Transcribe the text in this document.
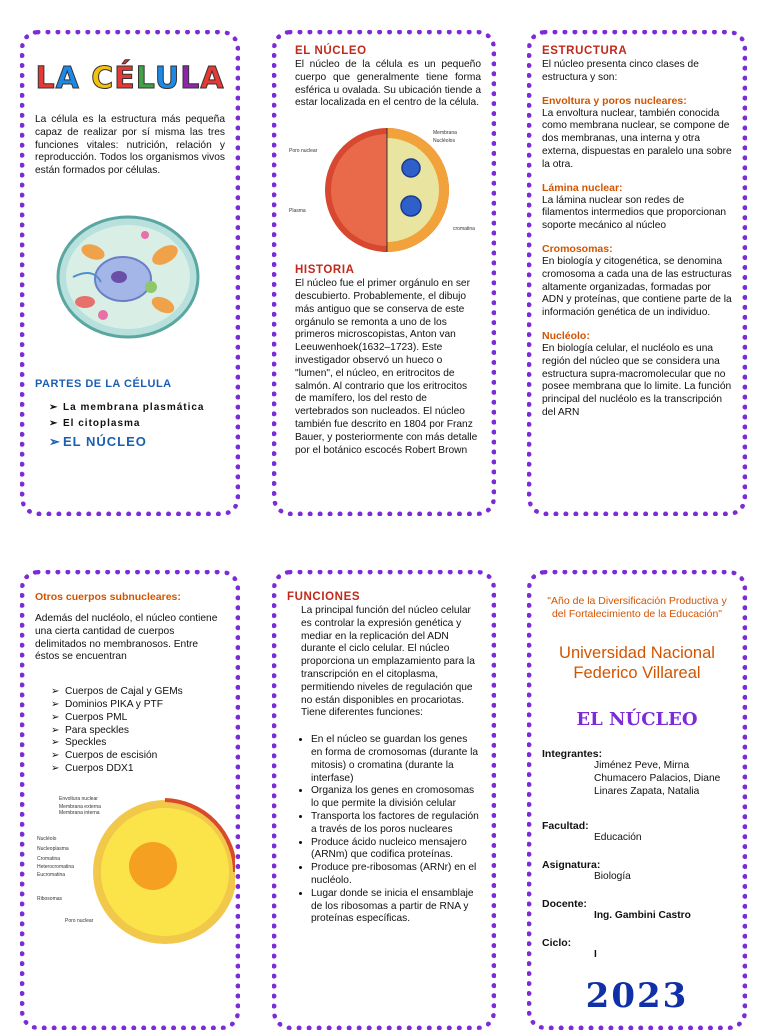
LA CÉLULA

La célula es la estructura más pequeña capaz de realizar por sí misma las tres funciones vitales: nutrición, relación y reproducción. Todos los organismos vivos están formados por células.

PARTES DE LA CÉLULA

➢ La membrana plasmática
➢ El citoplasma
➢ EL NÚCLEO

EL NÚCLEO

El núcleo de la célula es un pequeño cuerpo que generalmente tiene forma esférica u ovalada. Su ubicación tiende a estar localizada en el centro de la célula.

Poro nuclear
Membrana
Nucléolos
Plasma
cromatina

HISTORIA

El núcleo fue el primer orgánulo en ser descubierto. Probablemente, el dibujo más antiguo que se conserva de este orgánulo se remonta a uno de los primeros microscopistas, Anton van Leeuwenhoek(1632–1723). Este investigador observó un hueco o "lumen", el núcleo, en eritrocitos de salmón. Al contrario que los eritrocitos de mamífero, los del resto de vertebrados son nucleados. El núcleo también fue descrito en 1804 por Franz Bauer, y posteriormente con más detalle por el botánico escocés Robert Brown

ESTRUCTURA

El núcleo presenta cinco clases de estructura y son:

Envoltura y poros nucleares:

La envoltura nuclear, también conocida como membrana nuclear, se compone de dos membranas, una interna y otra externa, dispuestas en paralelo una sobre la otra.

Lámina nuclear:

La lámina nuclear son redes de filamentos intermedios que proporcionan soporte mecánico al núcleo

Cromosomas:

En biología y citogenética, se denomina cromosoma a cada una de las estructuras altamente organizadas, formadas por ADN y proteínas, que contiene parte de la información genética de un individuo.

Nucléolo:

En biología celular, el nucléolo es una región del núcleo que se considera una estructura supra-macromolecular que no posee membrana que lo limite. La función principal del nucléolo es la transcripción del ARN

Otros cuerpos subnucleares:

Además del nucléolo, el núcleo contiene una cierta cantidad de cuerpos delimitados no membranosos. Entre éstos se encuentran

➢ Cuerpos de Cajal y GEMs
➢ Dominios PIKA y PTF
➢ Cuerpos PML
➢ Para speckles
➢ Speckles
➢ Cuerpos de escisión
➢ Cuerpos DDX1
Envoltura nuclear
Membrana externa
Membrana interna
Nucléolo
Nucleoplasma
Cromatina
Heterocromatina
Eucromatina
Ribosomas
Poro nuclear

FUNCIONES

La principal función del núcleo celular es controlar la expresión genética y mediar en la replicación del ADN durante el ciclo celular. El núcleo proporciona un emplazamiento para la transcripción en el citoplasma, permitiendo niveles de regulación que no están disponibles en procariotas. Tiene diferentes funciones:

• En el núcleo se guardan los genes en forma de cromosomas (durante la mitosis) o cromatina (durante la interfase)
• Organiza los genes en cromosomas lo que permite la división celular
• Transporta los factores de regulación a través de los poros nucleares
• Produce ácido nucleico mensajero (ARNm) que codifica proteínas.
• Produce pre-ribosomas (ARNr) en el nucléolo.
• Lugar donde se inicia el ensamblaje de los ribosomas a partir de RNA y proteínas específicas.

"Año de la Diversificación Productiva y del Fortalecimiento de la Educación"

Universidad Nacional Federico Villareal

EL NÚCLEO

Integrantes:

Jiménez Peve, Mirna Chumacero Palacios, Diane Linares Zapata, Natalia

Facultad:

Educación

Asignatura:

Biología

Docente:

Ing. Gambini Castro

Ciclo:

I

2023
